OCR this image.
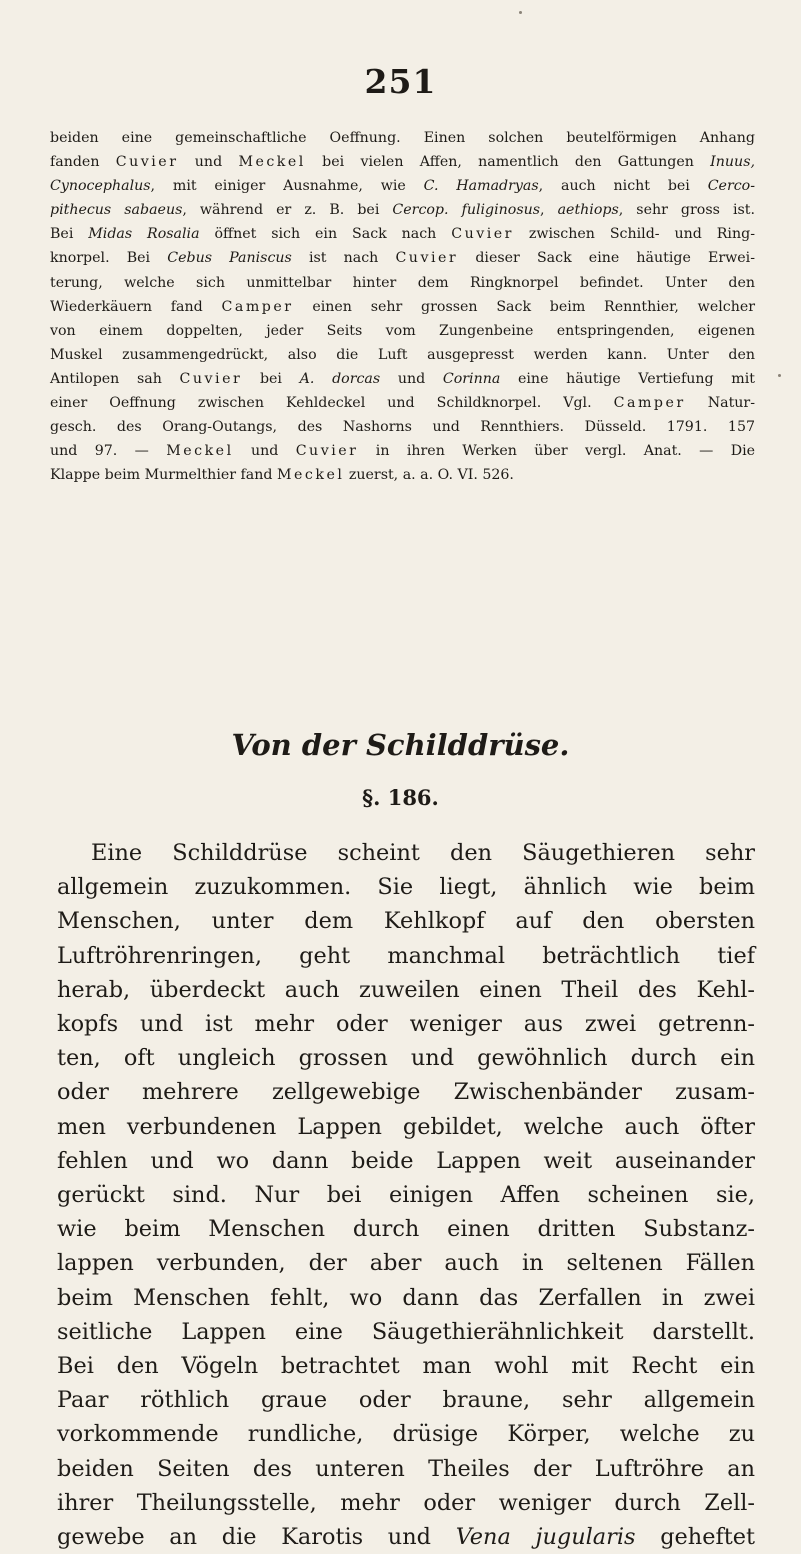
251
beiden eine gemeinschaftliche Oeffnung. Einen solchen beutelförmigen Anhang
fanden Cuvier und Meckel bei vielen Affen, namentlich den Gattungen Inuus,
Cynocephalus, mit einiger Ausnahme, wie C. Hamadryas, auch nicht bei Cerco-
pithecus sabaeus, während er z. B. bei Cercop. fuliginosus, aethiops, sehr gross ist.
Bei Midas Rosalia öffnet sich ein Sack nach Cuvier zwischen Schild- und Ring-
knorpel. Bei Cebus Paniscus ist nach Cuvier dieser Sack eine häutige Erwei-
terung, welche sich unmittelbar hinter dem Ringknorpel befindet. Unter den
Wiederkäuern fand Camper einen sehr grossen Sack beim Rennthier, welcher
von einem doppelten, jeder Seits vom Zungenbeine entspringenden, eigenen
Muskel zusammengedrückt, also die Luft ausgepresst werden kann. Unter den
Antilopen sah Cuvier bei A. dorcas und Corinna eine häutige Vertiefung mit
einer Oeffnung zwischen Kehldeckel und Schildknorpel. Vgl. Camper Natur-
gesch. des Orang-Outangs, des Nashorns und Rennthiers. Düsseld. 1791. 157
und 97. — Meckel und Cuvier in ihren Werken über vergl. Anat. — Die
Klappe beim Murmelthier fand Meckel zuerst, a. a. O. VI. 526.
Von der Schilddrüse.
§. 186.
Eine Schilddrüse scheint den Säugethieren sehr
allgemein zuzukommen. Sie liegt, ähnlich wie beim
Menschen, unter dem Kehlkopf auf den obersten
Luftröhrenringen, geht manchmal beträchtlich tief
herab, überdeckt auch zuweilen einen Theil des Kehl-
kopfs und ist mehr oder weniger aus zwei getrenn-
ten, oft ungleich grossen und gewöhnlich durch ein
oder mehrere zellgewebige Zwischenbänder zusam-
men verbundenen Lappen gebildet, welche auch öfter
fehlen und wo dann beide Lappen weit auseinander
gerückt sind. Nur bei einigen Affen scheinen sie,
wie beim Menschen durch einen dritten Substanz-
lappen verbunden, der aber auch in seltenen Fällen
beim Menschen fehlt, wo dann das Zerfallen in zwei
seitliche Lappen eine Säugethierähnlichkeit darstellt.
Bei den Vögeln betrachtet man wohl mit Recht ein
Paar röthlich graue oder braune, sehr allgemein
vorkommende rundliche, drüsige Körper, welche zu
beiden Seiten des unteren Theiles der Luftröhre an
ihrer Theilungsstelle, mehr oder weniger durch Zell-
gewebe an die Karotis und Vena jugularis geheftet
